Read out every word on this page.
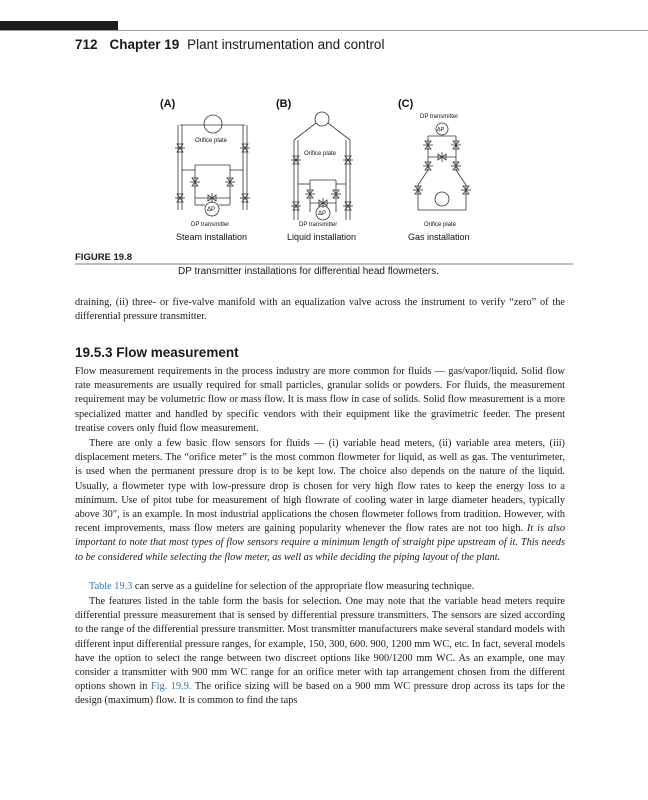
712 Chapter 19 Plant instrumentation and control
(A)
Orifice plate
ΔP
DP transmitter
Steam installation
(B)
Orifice plate
ΔP
DP transmitter
Liquid installation
(C)
DP transmitter
ΔP
Orifice plate
Gas installation
FIGURE 19.8
DP transmitter installations for differential head flowmeters.

draining, (ii) three- or five-valve manifold with an equalization valve across the instrument to verify “zero” of the differential pressure transmitter.

19.5.3 Flow measurement

Flow measurement requirements in the process industry are more common for fluids — gas/vapor/liquid. Solid flow rate measurements are usually required for small particles, granular solids or powders. For fluids, the measurement requirement may be volumetric flow or mass flow. It is mass flow in case of solids. Solid flow measurement is a more specialized matter and handled by specific vendors with their equipment like the gravimetric feeder. The present treatise covers only fluid flow measurement.

There are only a few basic flow sensors for fluids — (i) variable head meters, (ii) variable area meters, (iii) displacement meters. The “orifice meter” is the most common flowmeter for liquid, as well as gas. The venturimeter, is used when the permanent pressure drop is to be kept low. The choice also depends on the nature of the liquid. Usually, a flowmeter type with low-pressure drop is chosen for very high flow rates to keep the energy loss to a minimum. Use of pitot tube for measurement of high flowrate of cooling water in large diameter headers, typically above 30″, is an example. In most industrial applications the chosen flowmeter follows from tradition. However, with recent improvements, mass flow meters are gaining popularity whenever the flow rates are not too high. It is also important to note that most types of flow sensors require a minimum length of straight pipe upstream of it. This needs to be considered while selecting the flow meter, as well as while deciding the piping layout of the plant.

Table 19.3 can serve as a guideline for selection of the appropriate flow measuring technique.

The features listed in the table form the basis for selection. One may note that the variable head meters require differential pressure measurement that is sensed by differential pressure transmitters. The sensors are sized according to the range of the differential pressure transmitter. Most transmitter manufacturers make several standard models with different input differential pressure ranges, for example, 150, 300, 600. 900, 1200 mm WC, etc. In fact, several models have the option to select the range between two discreet options like 900/1200 mm WC. As an example, one may consider a transmitter with 900 mm WC range for an orifice meter with tap arrangement chosen from the different options shown in Fig. 19.9. The orifice sizing will be based on a 900 mm WC pressure drop across its taps for the design (maximum) flow. It is common to find the taps
